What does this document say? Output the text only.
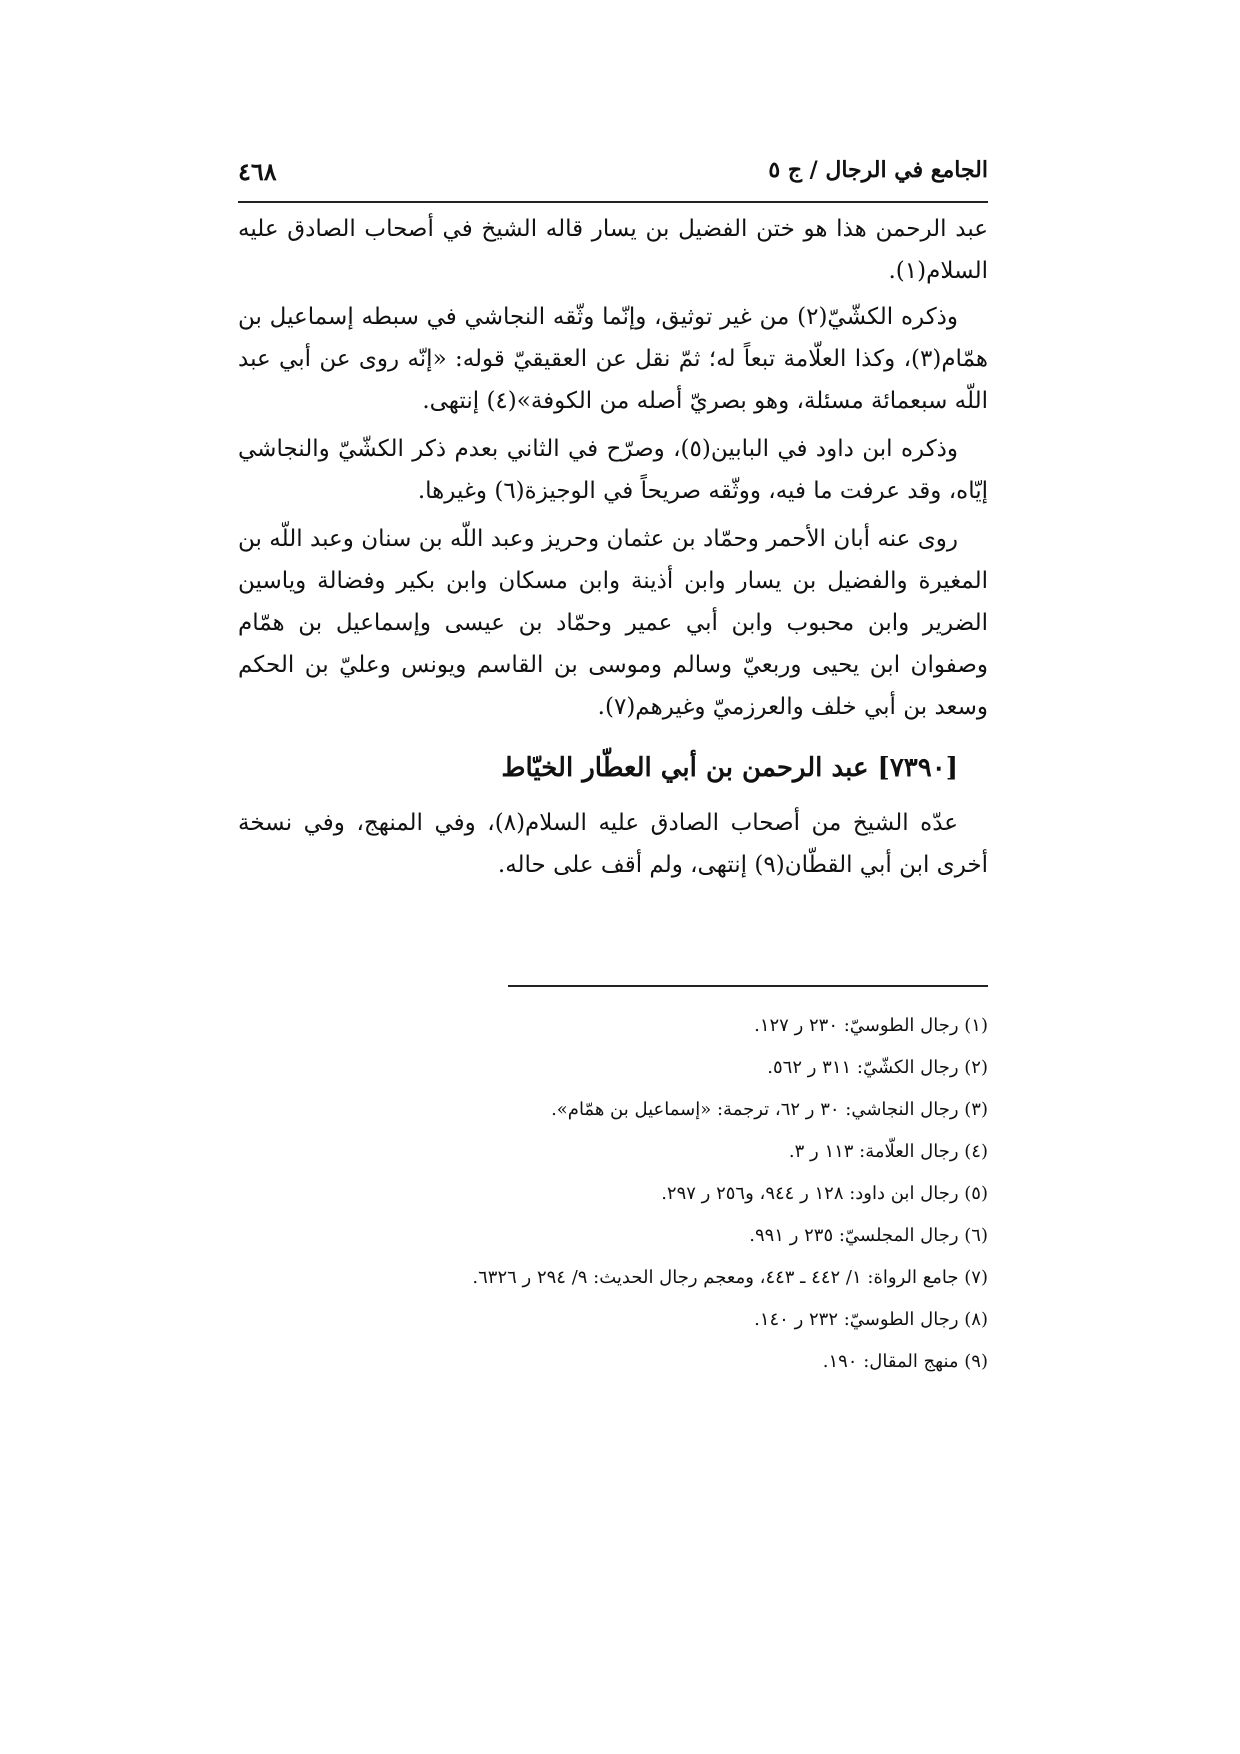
الجامع في الرجال / ج ٥
٤٦٨

عبد الرحمن هذا هو ختن الفضيل بن يسار قاله الشيخ في أصحاب الصادق عليه السلام(١).

وذكره الكشّيّ(٢) من غير توثيق، وإنّما وثّقه النجاشي في سبطه إسماعيل بن همّام(٣)، وكذا العلّامة تبعاً له؛ ثمّ نقل عن العقيقيّ قوله: «إنّه روى عن أبي عبد اللّه سبعمائة مسئلة، وهو بصريّ أصله من الكوفة»(٤) إنتهى.

وذكره ابن داود في البابين(٥)، وصرّح في الثاني بعدم ذكر الكشّيّ والنجاشي إيّاه، وقد عرفت ما فيه، ووثّقه صريحاً في الوجيزة(٦) وغيرها.

روى عنه أبان الأحمر وحمّاد بن عثمان وحريز وعبد اللّه بن سنان وعبد اللّه بن المغيرة والفضيل بن يسار وابن أذينة وابن مسكان وابن بكير وفضالة وياسين الضرير وابن محبوب وابن أبي عمير وحمّاد بن عيسى وإسماعيل بن همّام وصفوان ابن يحيى وربعيّ وسالم وموسى بن القاسم ويونس وعليّ بن الحكم وسعد بن أبي خلف والعرزميّ وغيرهم(٧).

[٧٣٩٠] عبد الرحمن بن أبي العطّار الخيّاط

عدّه الشيخ من أصحاب الصادق عليه السلام(٨)، وفي المنهج، وفي نسخة أخرى ابن أبي القطّان(٩) إنتهى، ولم أقف على حاله.

(١) رجال الطوسيّ: ٢٣٠ ر ١٢٧.
(٢) رجال الكشّيّ: ٣١١ ر ٥٦٢.
(٣) رجال النجاشي: ٣٠ ر ٦٢، ترجمة: «إسماعيل بن همّام».
(٤) رجال العلّامة: ١١٣ ر ٣.
(٥) رجال ابن داود: ١٢٨ ر ٩٤٤، و٢٥٦ ر ٢٩٧.
(٦) رجال المجلسيّ: ٢٣٥ ر ٩٩١.
(٧) جامع الرواة: ١/ ٤٤٢ ـ ٤٤٣، ومعجم رجال الحديث: ٩/ ٢٩٤ ر ٦٣٢٦.
(٨) رجال الطوسيّ: ٢٣٢ ر ١٤٠.
(٩) منهج المقال: ١٩٠.
